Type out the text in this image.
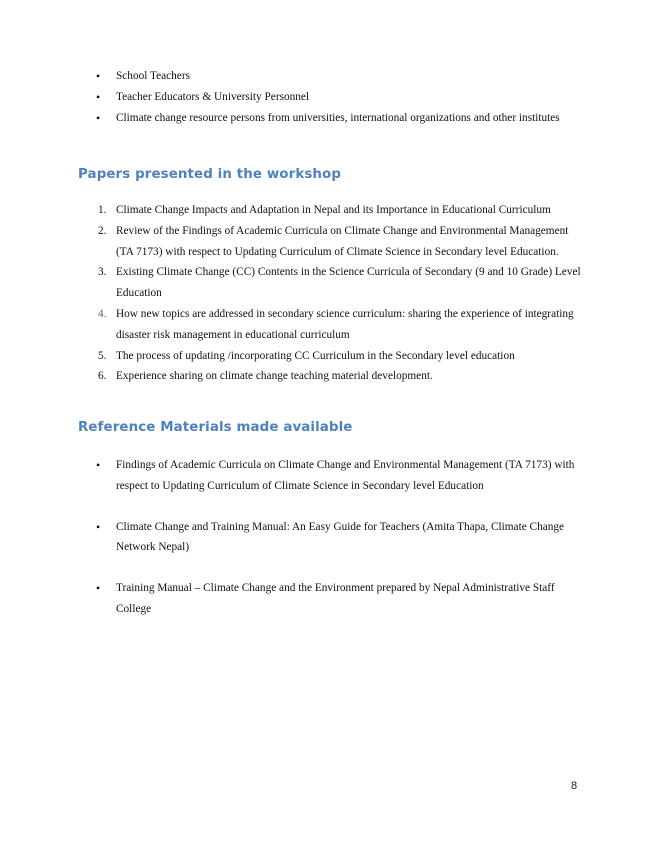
• School Teachers
• Teacher Educators & University Personnel
• Climate change resource persons from universities, international organizations and other institutes
Papers presented in the workshop
1. Climate Change Impacts and Adaptation in Nepal and its Importance in Educational Curriculum
2. Review of the Findings of Academic Curricula on Climate Change and Environmental Management (TA 7173) with respect to Updating Curriculum of Climate Science in Secondary level Education.
3. Existing Climate Change (CC) Contents in the Science Curricula of Secondary (9 and 10 Grade) Level Education
4. How new topics are addressed in secondary science curriculum: sharing the experience of integrating disaster risk management in educational curriculum
5. The process of updating /incorporating CC Curriculum in the Secondary level education
6. Experience sharing on climate change teaching material development.
Reference Materials made available
• Findings of Academic Curricula on Climate Change and Environmental Management (TA 7173) with respect to Updating Curriculum of Climate Science in Secondary level Education
• Climate Change and Training Manual: An Easy Guide for Teachers (Amita Thapa, Climate Change Network Nepal)
• Training Manual – Climate Change and the Environment prepared by Nepal Administrative Staff College
8
